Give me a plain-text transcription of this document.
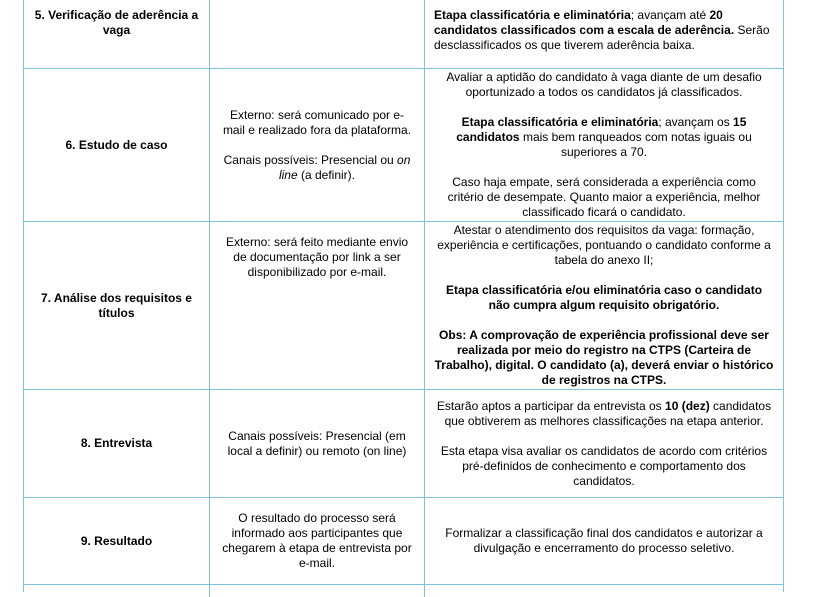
5. Verificação de aderência a vaga

Etapa classificatória e eliminatória; avançam até 20 candidatos classificados com a escala de aderência. Serão desclassificados os que tiverem aderência baixa.

6. Estudo de caso

Externo: será comunicado por e-mail e realizado fora da plataforma.

Canais possíveis: Presencial ou on line (a definir).

Avaliar a aptidão do candidato à vaga diante de um desafio oportunizado a todos os candidatos já classificados.

Etapa classificatória e eliminatória; avançam os 15 candidatos mais bem ranqueados com notas iguais ou superiores a 70.

Caso haja empate, será considerada a experiência como critério de desempate. Quanto maior a experiência, melhor classificado ficará o candidato.

7. Análise dos requisitos e títulos

Externo: será feito mediante envio de documentação por link a ser disponibilizado por e-mail.

Atestar o atendimento dos requisitos da vaga: formação, experiência e certificações, pontuando o candidato conforme a tabela do anexo II;

Etapa classificatória e/ou eliminatória caso o candidato não cumpra algum requisito obrigatório.

Obs: A comprovação de experiência profissional deve ser realizada por meio do registro na CTPS (Carteira de Trabalho), digital. O candidato (a), deverá enviar o histórico de registros na CTPS.

8. Entrevista

Canais possíveis: Presencial (em local a definir) ou remoto (on line)

Estarão aptos a participar da entrevista os 10 (dez) candidatos que obtiverem as melhores classificações na etapa anterior.

Esta etapa visa avaliar os candidatos de acordo com critérios pré-definidos de conhecimento e comportamento dos candidatos.

9. Resultado

O resultado do processo será informado aos participantes que chegarem à etapa de entrevista por e-mail.

Formalizar a classificação final dos candidatos e autorizar a divulgação e encerramento do processo seletivo.
